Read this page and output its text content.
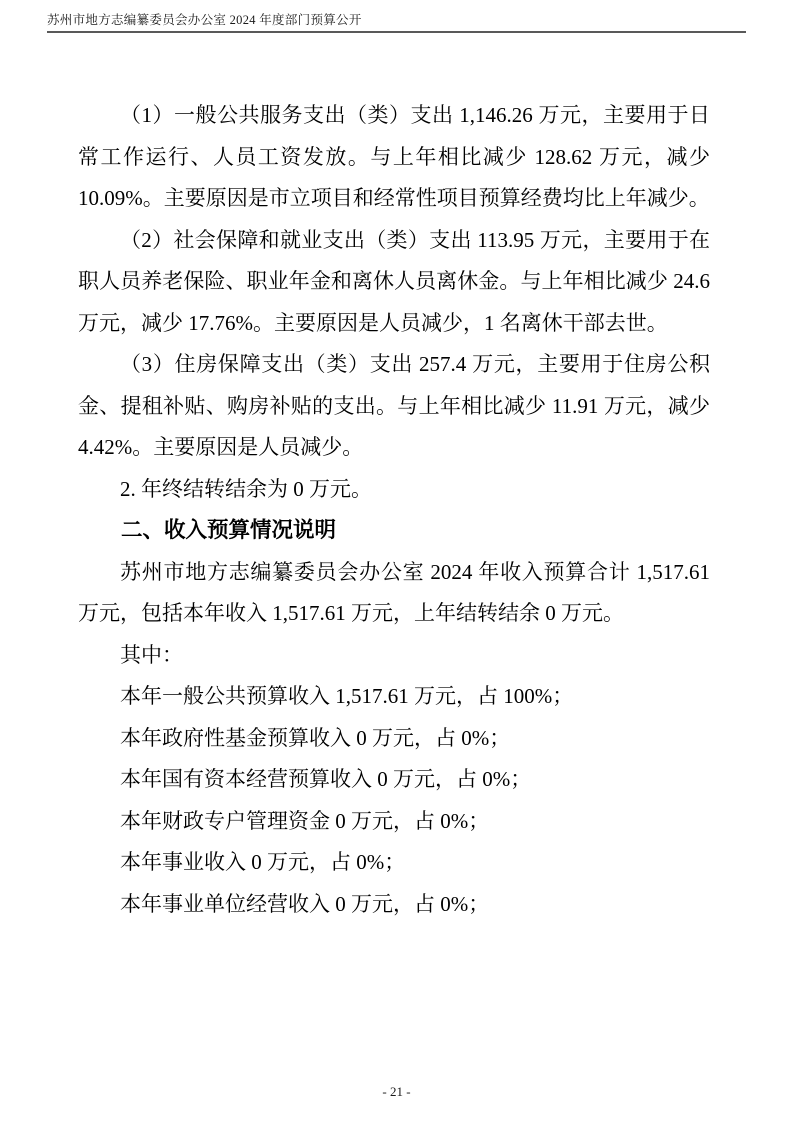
苏州市地方志编纂委员会办公室 2024 年度部门预算公开

（1）一般公共服务支出（类）支出 1,146.26 万元，主要用于日常工作运行、人员工资发放。与上年相比减少 128.62 万元，减少 10.09%。主要原因是市立项目和经常性项目预算经费均比上年减少。

（2）社会保障和就业支出（类）支出 113.95 万元，主要用于在职人员养老保险、职业年金和离休人员离休金。与上年相比减少 24.6 万元，减少 17.76%。主要原因是人员减少，1 名离休干部去世。

（3）住房保障支出（类）支出 257.4 万元，主要用于住房公积金、提租补贴、购房补贴的支出。与上年相比减少 11.91 万元，减少 4.42%。主要原因是人员减少。

2. 年终结转结余为 0 万元。

二、收入预算情况说明

苏州市地方志编纂委员会办公室 2024 年收入预算合计 1,517.61 万元，包括本年收入 1,517.61 万元，上年结转结余 0 万元。

其中：

本年一般公共预算收入 1,517.61 万元，占 100%；

本年政府性基金预算收入 0 万元，占 0%；

本年国有资本经营预算收入 0 万元，占 0%；

本年财政专户管理资金 0 万元，占 0%；

本年事业收入 0 万元，占 0%；

本年事业单位经营收入 0 万元，占 0%；

- 21 -
